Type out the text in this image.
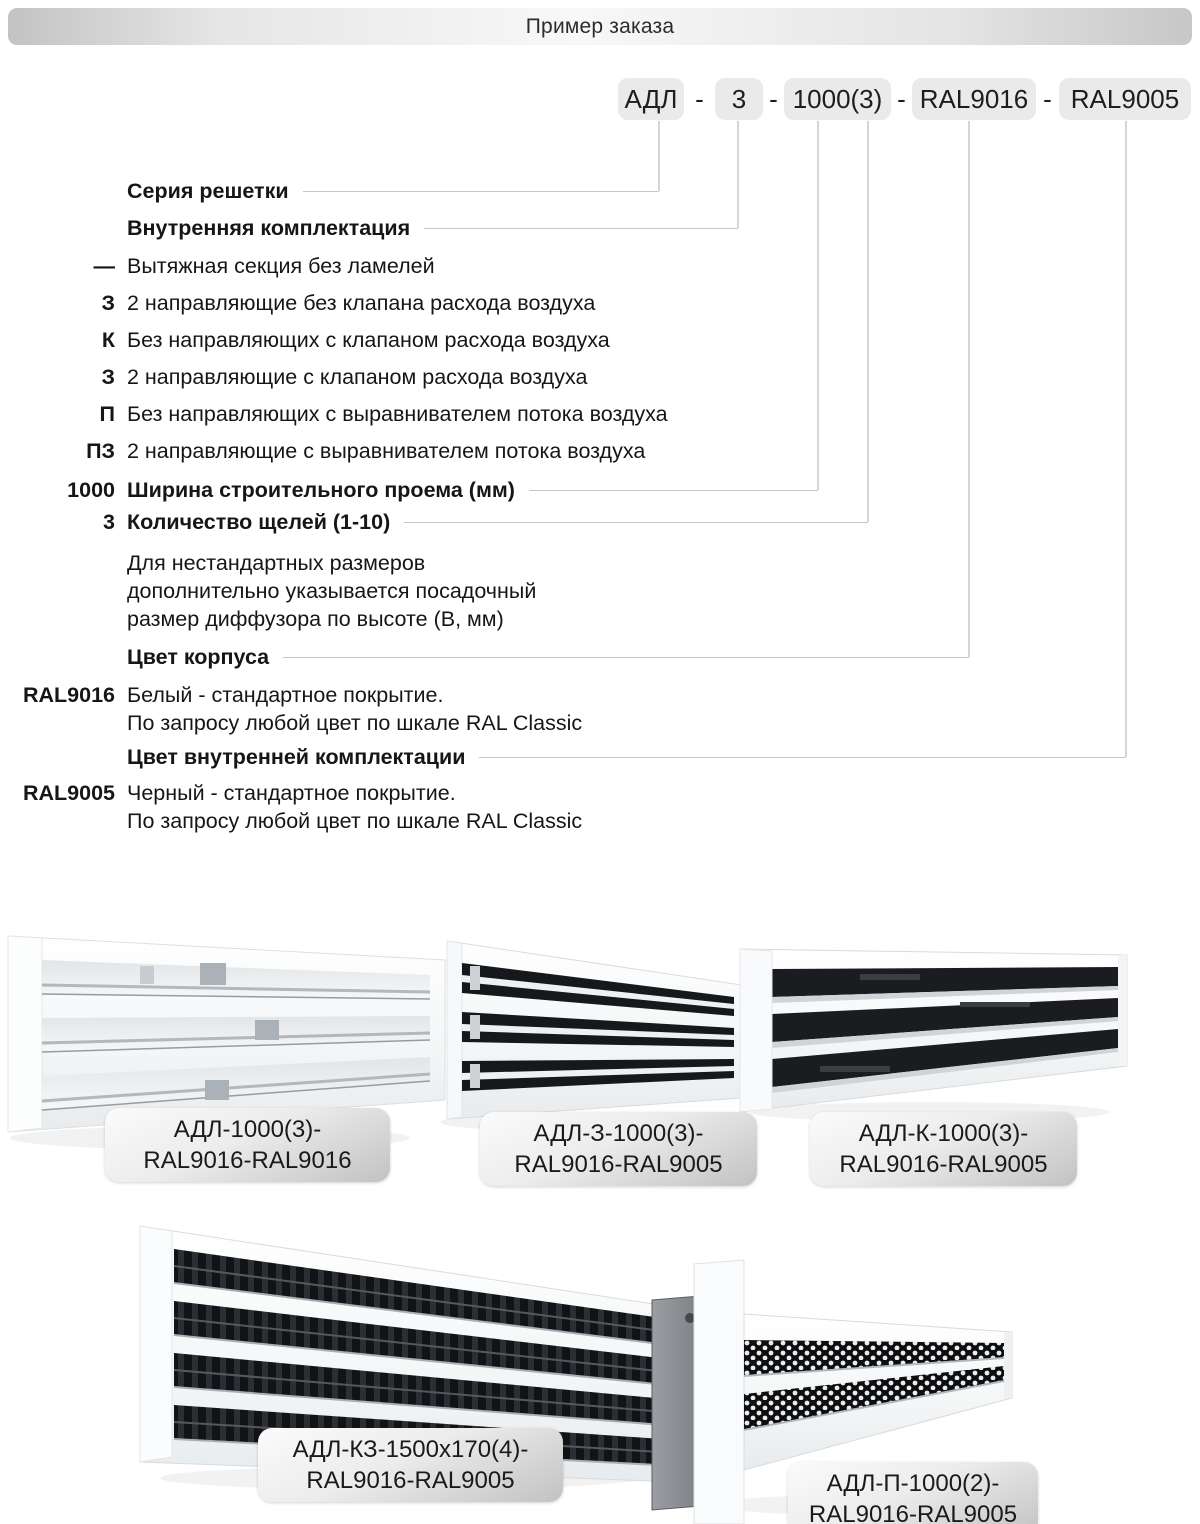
Пример заказа
АДЛ -	3 - 1000(3) - RAL9016 - RAL9005
Серия решетки
Внутренняя комплектация
— Вытяжная секция без ламелей
З 2 направляющие без клапана расхода воздуха
К Без направляющих с клапаном расхода воздуха
З 2 направляющие с клапаном расхода воздуха
П Без направляющих с выравнивателем потока воздуха
ПЗ 2 направляющие с выравнивателем потока воздуха
1000 Ширина строительного проема (мм)
3 Количество щелей (1-10)
Для нестандартных размеров
дополнительно указывается посадочный
размер диффузора по высоте (В, мм)
Цвет корпуса
RAL9016 Белый - стандартное покрытие.
По запросу любой цвет по шкале RAL Classic
Цвет внутренней комплектации
RAL9005 Черный - стандартное покрытие.
По запросу любой цвет по шкале RAL Classic
АДЛ-1000(3)-
RAL9016-RAL9016
АДЛ-З-1000(3)-
RAL9016-RAL9005
АДЛ-К-1000(3)-
RAL9016-RAL9005
АДЛ-КЗ-1500х170(4)-
RAL9016-RAL9005	АДЛ-П-1000(2)-
RAL9016-RAL9005
